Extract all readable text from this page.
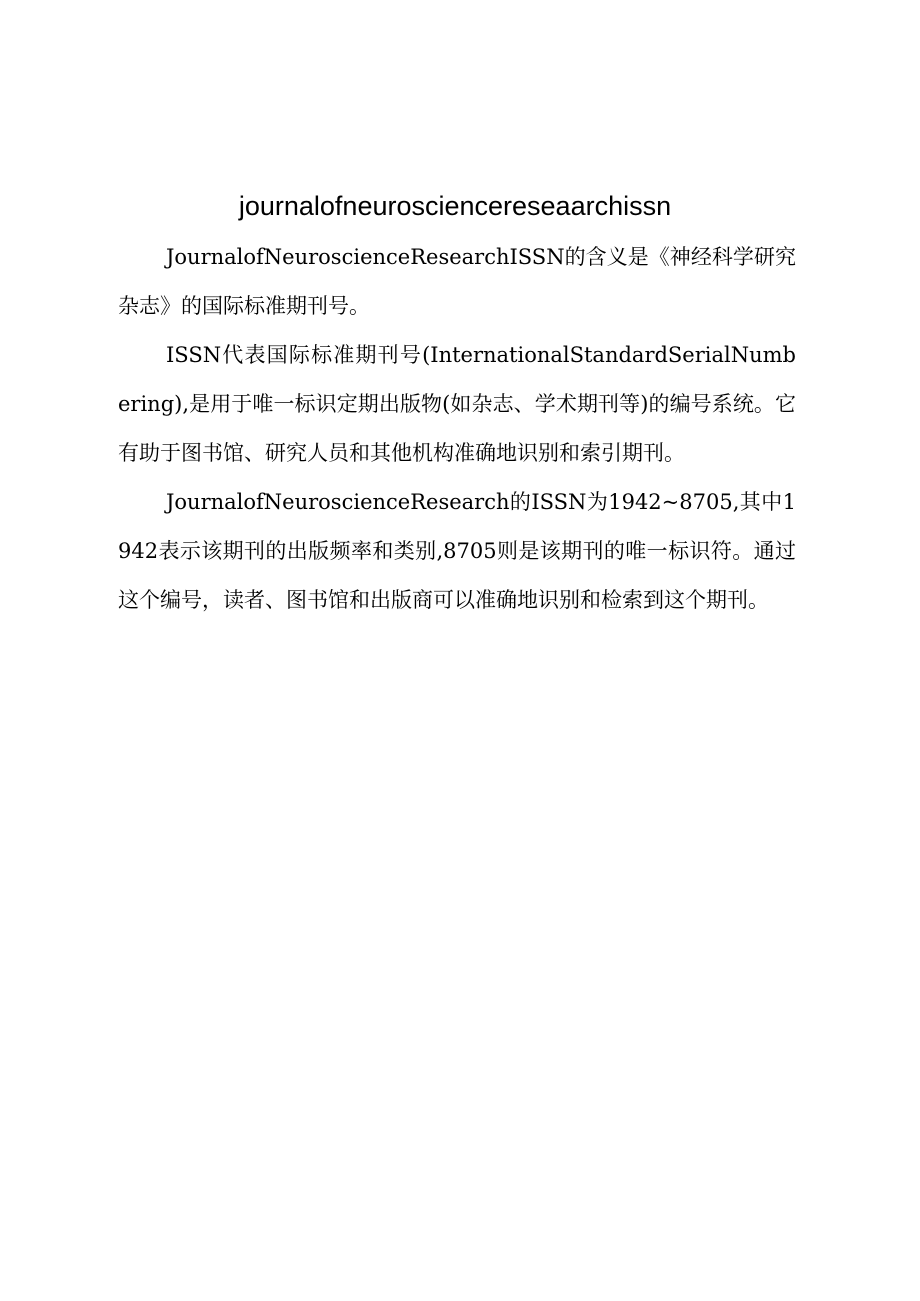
journalofneurosciencereseaarchissn

JournalofNeuroscienceResearchISSN的含义是《神经科学研究杂志》的国际标准期刊号。

ISSN代表国际标准期刊号(InternationalStandardSerialNumbering),是用于唯一标识定期出版物(如杂志、学术期刊等)的编号系统。它有助于图书馆、研究人员和其他机构准确地识别和索引期刊。

JournalofNeuroscienceResearch的ISSN为1942~8705,其中1942表示该期刊的出版频率和类别,8705则是该期刊的唯一标识符。通过这个编号，读者、图书馆和出版商可以准确地识别和检索到这个期刊。
